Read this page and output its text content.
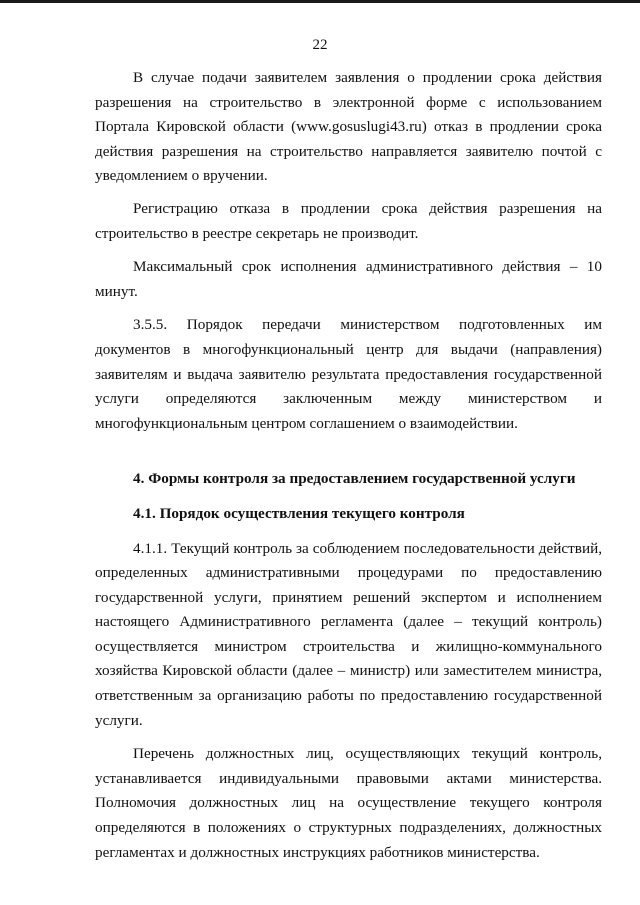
22

В случае подачи заявителем заявления о продлении срока действия разрешения на строительство в электронной форме с использованием Портала Кировской области (www.gosuslugi43.ru) отказ в продлении срока действия разрешения на строительство направляется заявителю почтой с уведомлением о вручении.

Регистрацию отказа в продлении срока действия разрешения на строительство в реестре секретарь не производит.

Максимальный срок исполнения административного действия – 10 минут.

3.5.5. Порядок передачи министерством подготовленных им документов в многофункциональный центр для выдачи (направления) заявителям и выдача заявителю результата предоставления государственной услуги определяются заключенным между министерством и многофункциональным центром соглашением о взаимодействии.

4. Формы контроля за предоставлением государственной услуги
4.1. Порядок осуществления текущего контроля

4.1.1. Текущий контроль за соблюдением последовательности действий, определенных административными процедурами по предоставлению государственной услуги, принятием решений экспертом и исполнением настоящего Административного регламента (далее – текущий контроль) осуществляется министром строительства и жилищно-коммунального хозяйства Кировской области (далее – министр) или заместителем министра, ответственным за организацию работы по предоставлению государственной услуги.

Перечень должностных лиц, осуществляющих текущий контроль, устанавливается индивидуальными правовыми актами министерства. Полномочия должностных лиц на осуществление текущего контроля определяются в положениях о структурных подразделениях, должностных регламентах и должностных инструкциях работников министерства.
